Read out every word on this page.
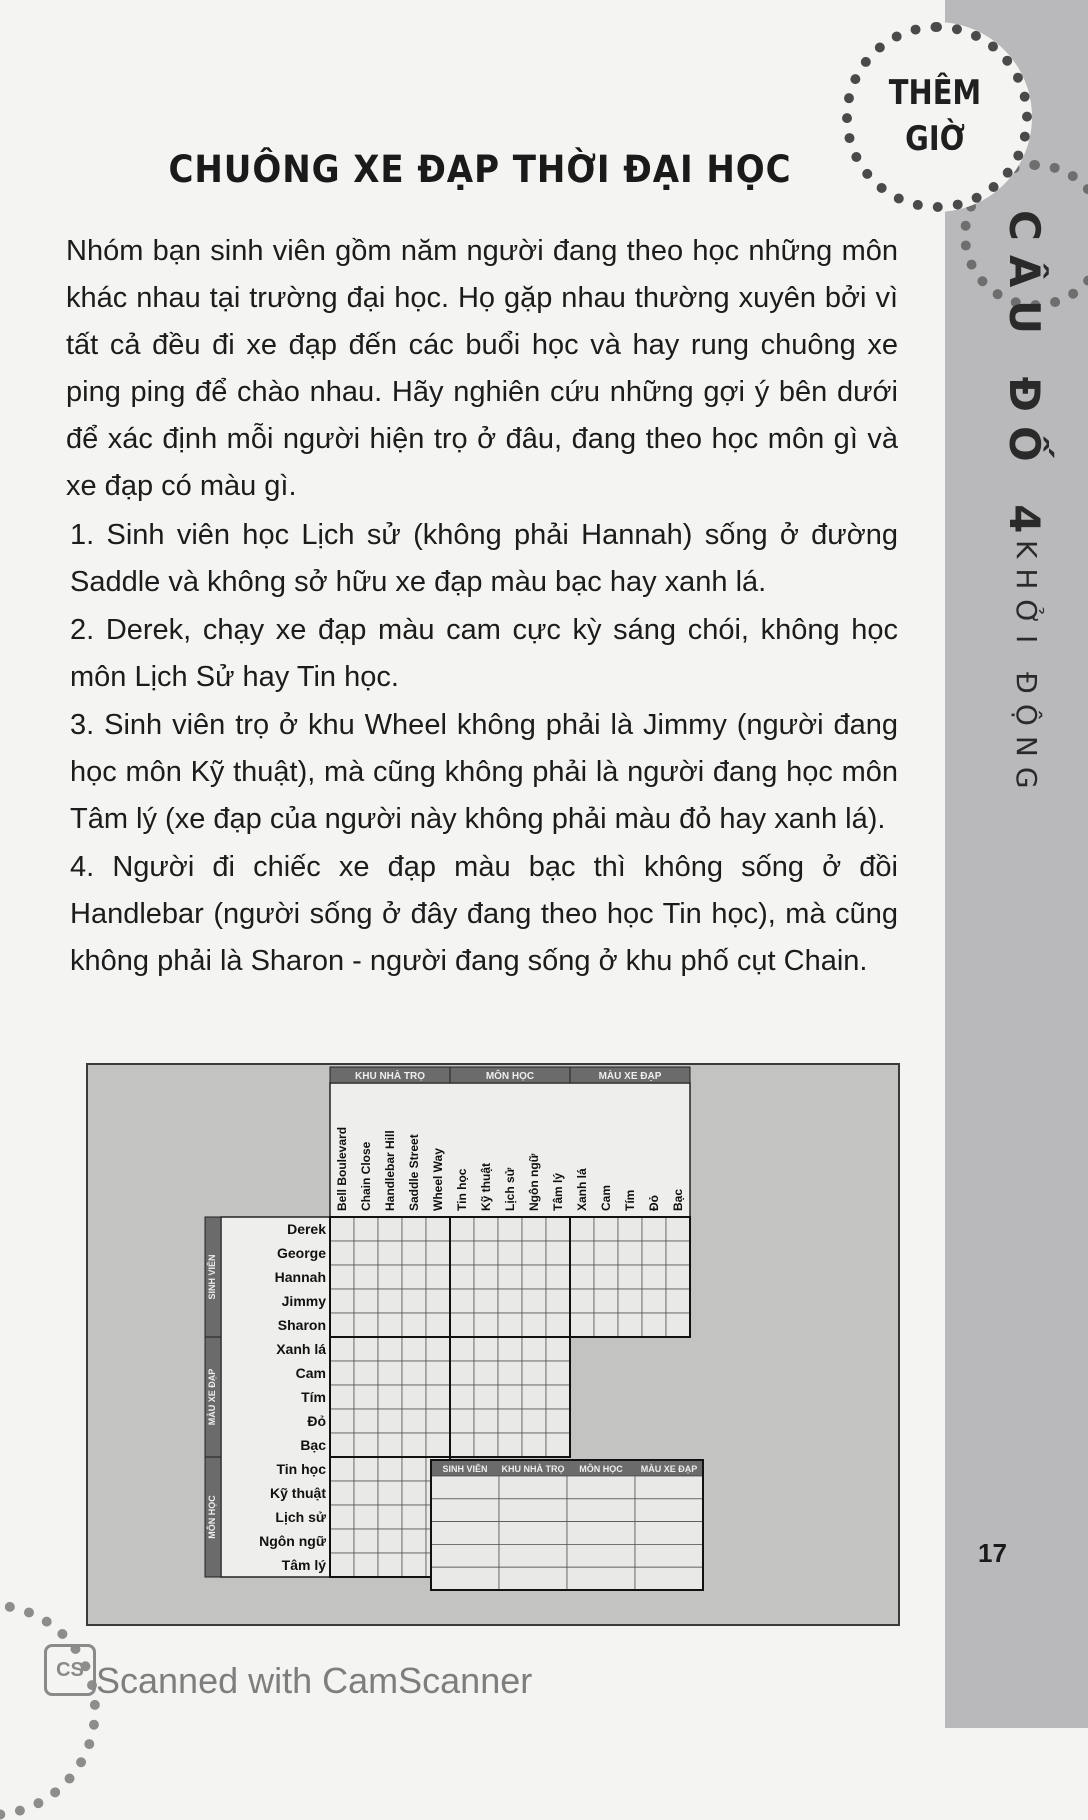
THÊM
GIỜ
CÂU ĐỐ 4
KHỞI ĐỘNG
17
CHUÔNG XE ĐẠP THỜI ĐẠI HỌC

Nhóm bạn sinh viên gồm năm người đang theo học những môn khác nhau tại trường đại học. Họ gặp nhau thường xuyên bởi vì tất cả đều đi xe đạp đến các buổi học và hay rung chuông xe ping ping để chào nhau. Hãy nghiên cứu những gợi ý bên dưới để xác định mỗi người hiện trọ ở đâu, đang theo học môn gì và xe đạp có màu gì.

1. Sinh viên học Lịch sử (không phải Hannah) sống ở đường Saddle và không sở hữu xe đạp màu bạc hay xanh lá.

2. Derek, chạy xe đạp màu cam cực kỳ sáng chói, không học môn Lịch Sử hay Tin học.

3. Sinh viên trọ ở khu Wheel không phải là Jimmy (người đang học môn Kỹ thuật), mà cũng không phải là người đang học môn Tâm lý (xe đạp của người này không phải màu đỏ hay xanh lá).

4. Người đi chiếc xe đạp màu bạc thì không sống ở đồi Handlebar (người sống ở đây đang theo học Tin học), mà cũng không phải là Sharon - người đang sống ở khu phố cụt Chain.

KHU NHÀ TRỌ	MÔN HỌC	MÀU XE ĐẠP
Bell Boulevard Chain Close Handlebar Hill Saddle Street Wheel Way Tin học Kỹ thuật Lịch sử Ngôn ngữ Tâm lý Xanh lá Cam Tím Đỏ Bạc
SINH VIÊN
MÀU XE ĐẠP
MÔN HỌC
Derek
George
Hannah
Jimmy
Sharon
Xanh lá
Cam
Tím
Đỏ
Bạc
Tin học
Kỹ thuật
Lịch sử
Ngôn ngữ
Tâm lý
SINH VIÊN KHU NHÀ TRỌ MÔN HỌC MÀU XE ĐẠP
CS Scanned with CamScanner
